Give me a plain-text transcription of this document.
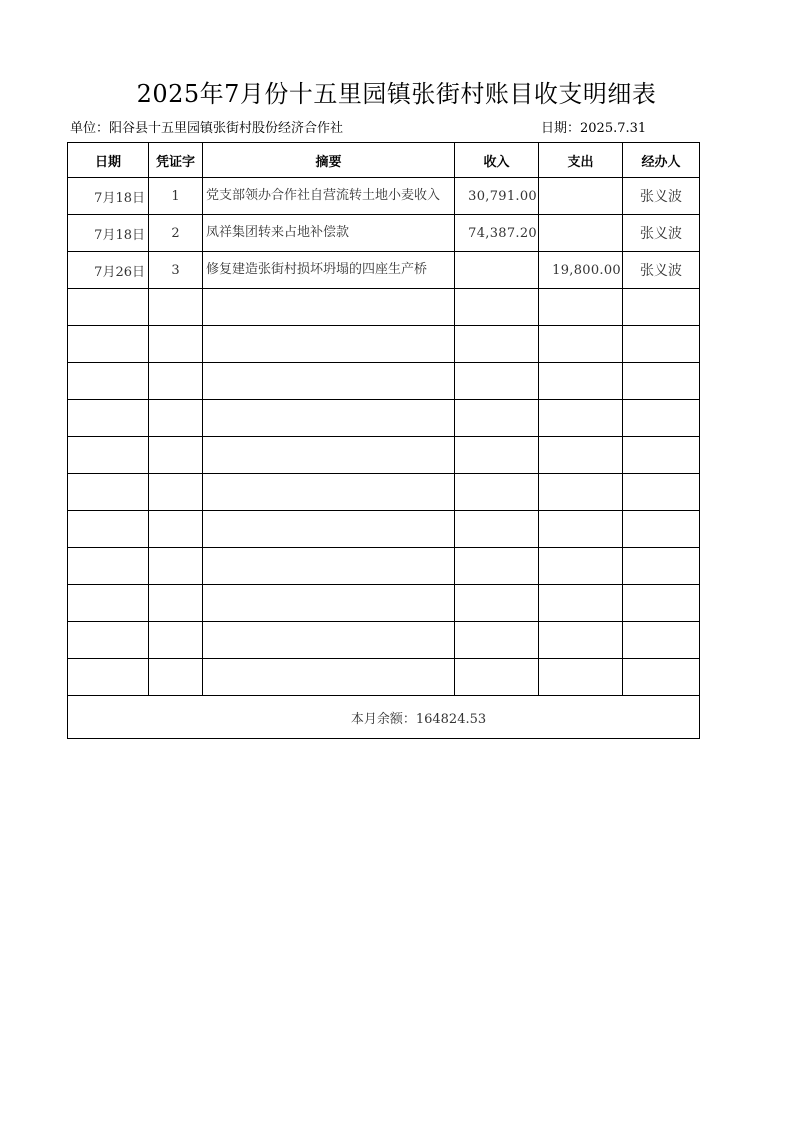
2025年7月份十五里园镇张街村账目收支明细表
单位：阳谷县十五里园镇张街村股份经济合作社	日期：2025.7.31
日期	凭证字	摘要	收入	支出	经办人
7月18日	1	党支部领办合作社自营流转土地小麦收入	30,791.00		张义波
7月18日	2	凤祥集团转来占地补偿款	74,387.20		张义波
7月26日	3	修复建造张街村损坏坍塌的四座生产桥		19,800.00	张义波

本月余额：164824.53					
